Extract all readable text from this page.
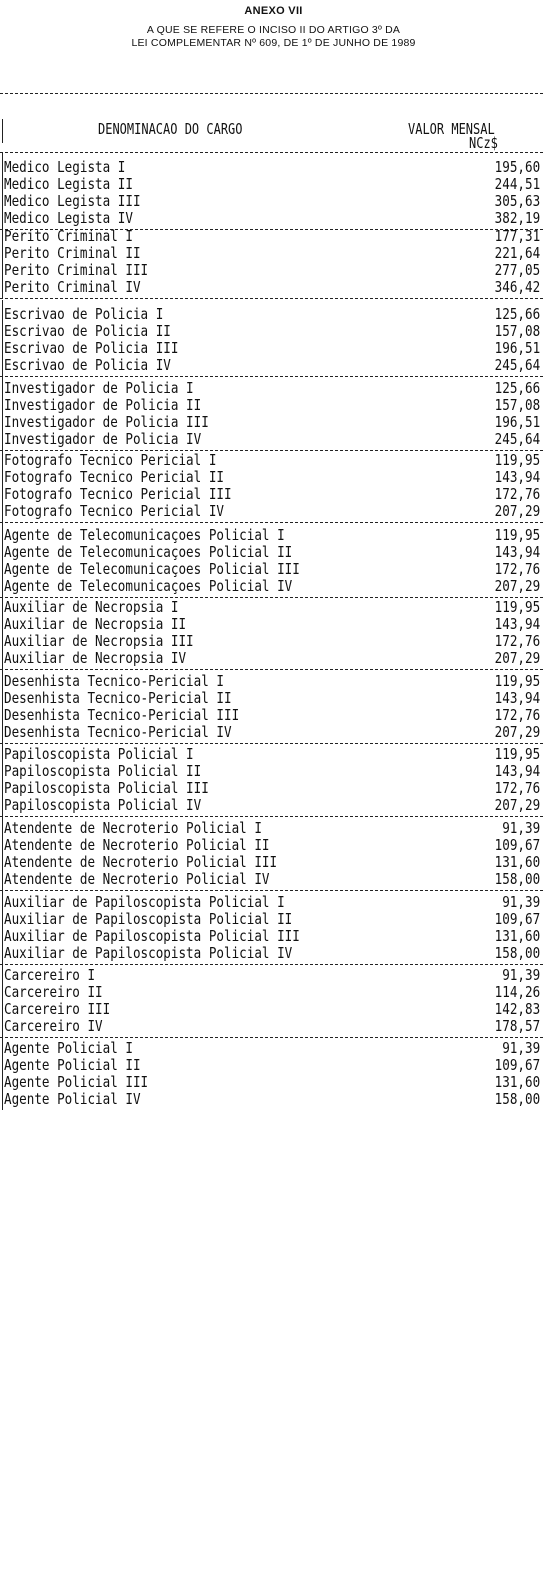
ANEXO VII
A QUE SE REFERE O INCISO II DO ARTIGO 3º DA
LEI COMPLEMENTAR Nº 609, DE 1º DE JUNHO DE 1989
DENOMINACAO DO CARGO	VALOR MENSAL
NCz$
Medico Legista I	195,60
Medico Legista II	244,51
Medico Legista III	305,63
Medico Legista IV	382,19
Perito Criminal I	177,31
Perito Criminal II	221,64
Perito Criminal III	277,05
Perito Criminal IV	346,42
Escrivao de Policia I	125,66
Escrivao de Policia II	157,08
Escrivao de Policia III	196,51
Escrivao de Policia IV	245,64
Investigador de Policia I	125,66
Investigador de Policia II	157,08
Investigador de Policia III	196,51
Investigador de Policia IV	245,64
Fotografo Tecnico Pericial I	119,95
Fotografo Tecnico Pericial II	143,94
Fotografo Tecnico Pericial III	172,76
Fotografo Tecnico Pericial IV	207,29
Agente de Telecomunicaçoes Policial I	119,95
Agente de Telecomunicaçoes Policial II	143,94
Agente de Telecomunicaçoes Policial III	172,76
Agente de Telecomunicaçoes Policial IV	207,29
Auxiliar de Necropsia I	119,95
Auxiliar de Necropsia II	143,94
Auxiliar de Necropsia III	172,76
Auxiliar de Necropsia IV	207,29
Desenhista Tecnico-Pericial I	119,95
Desenhista Tecnico-Pericial II	143,94
Desenhista Tecnico-Pericial III	172,76
Desenhista Tecnico-Pericial IV	207,29
Papiloscopista Policial I	119,95
Papiloscopista Policial II	143,94
Papiloscopista Policial III	172,76
Papiloscopista Policial IV	207,29
Atendente de Necroterio Policial I	91,39
Atendente de Necroterio Policial II	109,67
Atendente de Necroterio Policial III	131,60
Atendente de Necroterio Policial IV	158,00
Auxiliar de Papiloscopista Policial I	91,39
Auxiliar de Papiloscopista Policial II	109,67
Auxiliar de Papiloscopista Policial III	131,60
Auxiliar de Papiloscopista Policial IV	158,00
Carcereiro I	91,39
Carcereiro II	114,26
Carcereiro III	142,83
Carcereiro IV	178,57
Agente Policial I	91,39
Agente Policial II	109,67
Agente Policial III	131,60
Agente Policial IV	158,00
